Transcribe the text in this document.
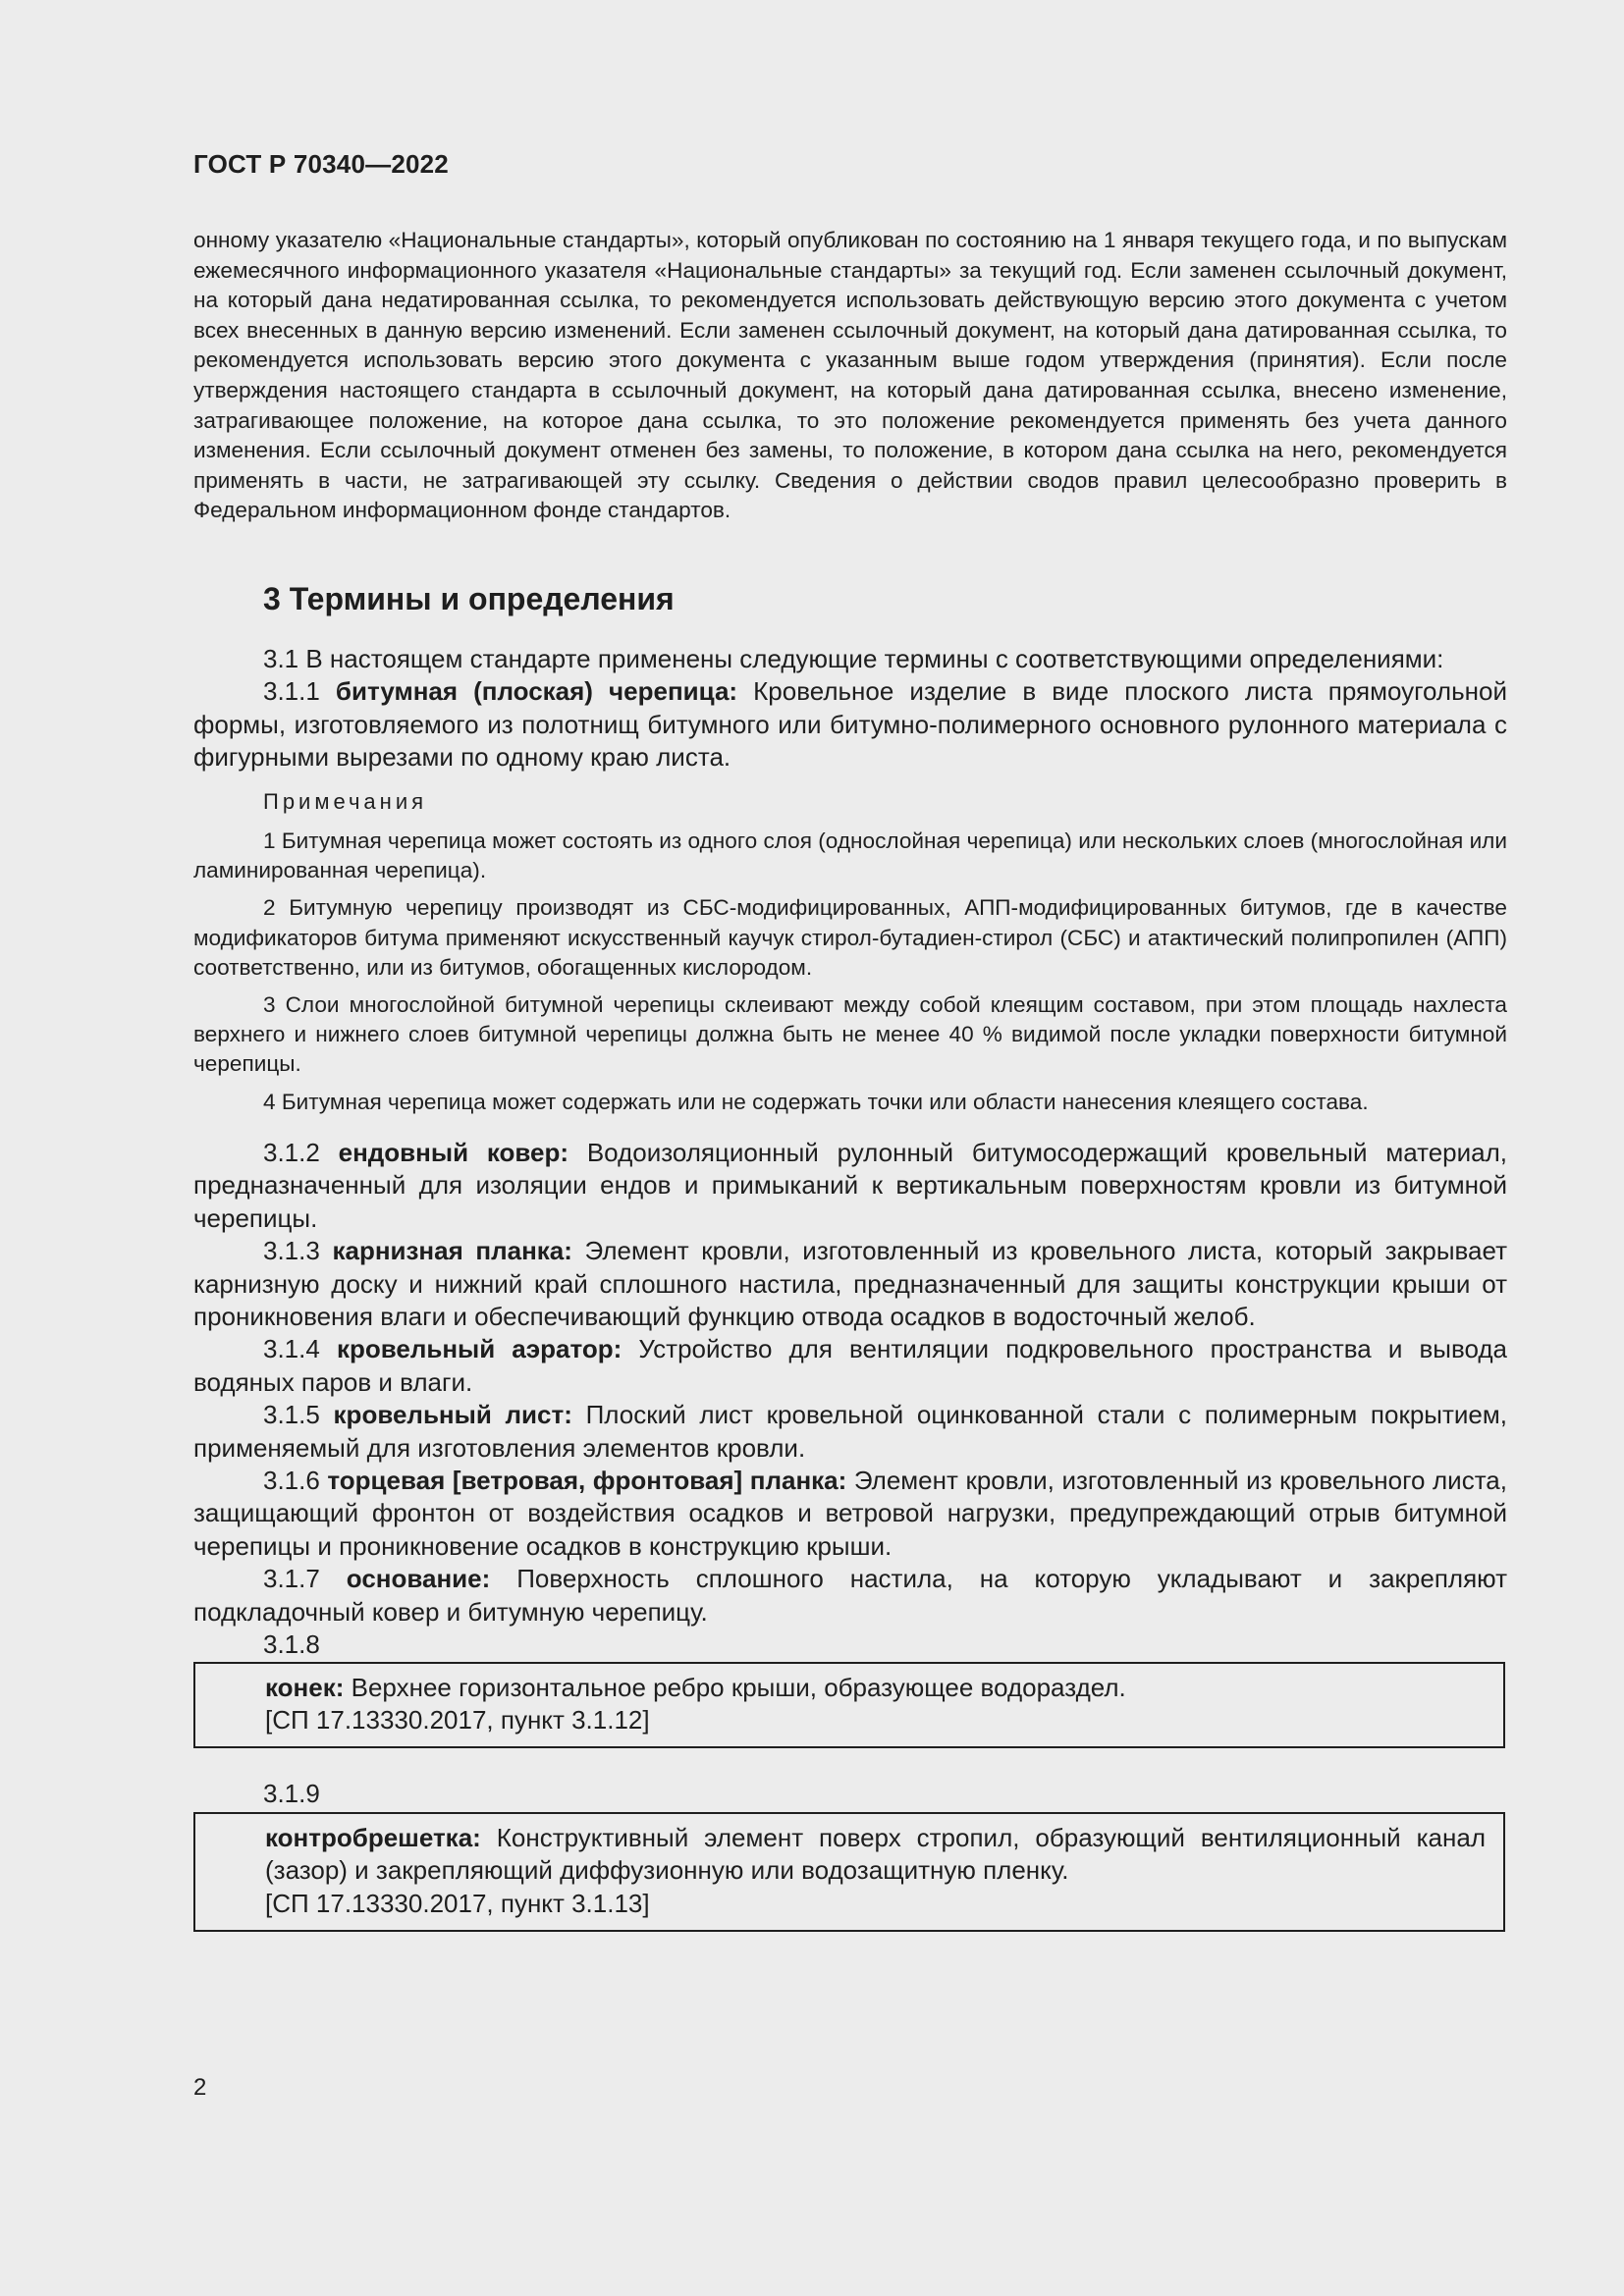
ГОСТ Р 70340—2022

онному указателю «Национальные стандарты», который опубликован по состоянию на 1 января текущего года, и по выпускам ежемесячного информационного указателя «Национальные стандарты» за текущий год. Если заменен ссылочный документ, на который дана недатированная ссылка, то рекомендуется использовать действующую версию этого документа с учетом всех внесенных в данную версию изменений. Если заменен ссылочный документ, на который дана датированная ссылка, то рекомендуется использовать версию этого документа с указанным выше годом утверждения (принятия). Если после утверждения настоящего стандарта в ссылочный документ, на который дана датированная ссылка, внесено изменение, затрагивающее положение, на которое дана ссылка, то это положение рекомендуется применять без учета данного изменения. Если ссылочный документ отменен без замены, то положение, в котором дана ссылка на него, рекомендуется применять в части, не затрагивающей эту ссылку. Сведения о действии сводов правил целесообразно проверить в Федеральном информационном фонде стандартов.

3 Термины и определения

3.1 В настоящем стандарте применены следующие термины с соответствующими определениями:

3.1.1 битумная (плоская) черепица: Кровельное изделие в виде плоского листа прямоугольной формы, изготовляемого из полотнищ битумного или битумно-полимерного основного рулонного материала с фигурными вырезами по одному краю листа.

Примечания

1 Битумная черепица может состоять из одного слоя (однослойная черепица) или нескольких слоев (многослойная или ламинированная черепица).

2 Битумную черепицу производят из СБС-модифицированных, АПП-модифицированных битумов, где в качестве модификаторов битума применяют искусственный каучук стирол-бутадиен-стирол (СБС) и атактический полипропилен (АПП) соответственно, или из битумов, обогащенных кислородом.

3 Слои многослойной битумной черепицы склеивают между собой клеящим составом, при этом площадь нахлеста верхнего и нижнего слоев битумной черепицы должна быть не менее 40 % видимой после укладки поверхности битумной черепицы.

4 Битумная черепица может содержать или не содержать точки или области нанесения клеящего состава.

3.1.2 ендовный ковер: Водоизоляционный рулонный битумосодержащий кровельный материал, предназначенный для изоляции ендов и примыканий к вертикальным поверхностям кровли из битумной черепицы.

3.1.3 карнизная планка: Элемент кровли, изготовленный из кровельного листа, который закрывает карнизную доску и нижний край сплошного настила, предназначенный для защиты конструкции крыши от проникновения влаги и обеспечивающий функцию отвода осадков в водосточный желоб.

3.1.4 кровельный аэратор: Устройство для вентиляции подкровельного пространства и вывода водяных паров и влаги.

3.1.5 кровельный лист: Плоский лист кровельной оцинкованной стали с полимерным покрытием, применяемый для изготовления элементов кровли.

3.1.6 торцевая [ветровая, фронтовая] планка: Элемент кровли, изготовленный из кровельного листа, защищающий фронтон от воздействия осадков и ветровой нагрузки, предупреждающий отрыв битумной черепицы и проникновение осадков в конструкцию крыши.

3.1.7 основание: Поверхность сплошного настила, на которую укладывают и закрепляют подкладочный ковер и битумную черепицу.

3.1.8
конек: Верхнее горизонтальное ребро крыши, образующее водораздел.
[СП 17.13330.2017, пункт 3.1.12]
3.1.9
контробрешетка: Конструктивный элемент поверх стропил, образующий вентиляционный канал (зазор) и закрепляющий диффузионную или водозащитную пленку.
[СП 17.13330.2017, пункт 3.1.13]
2
